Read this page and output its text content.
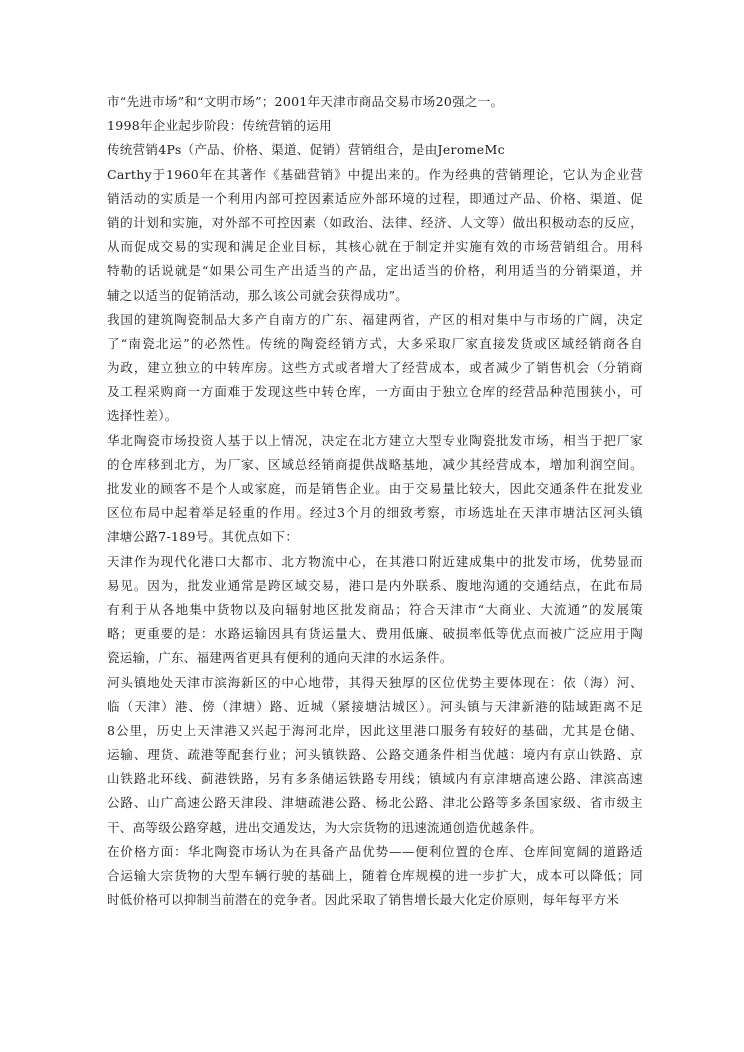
市“先进市场”和“文明市场”；2001年天津市商品交易市场20强之一。
1998年企业起步阶段：传统营销的运用
传统营销4Ps（产品、价格、渠道、促销）营销组合，是由JeromeMc
Carthy于1960年在其著作《基础营销》中提出来的。作为经典的营销理论，它认为企业营
销活动的实质是一个利用内部可控因素适应外部环境的过程，即通过产品、价格、渠道、促
销的计划和实施，对外部不可控因素（如政治、法律、经济、人文等）做出积极动态的反应，
从而促成交易的实现和满足企业目标，其核心就在于制定并实施有效的市场营销组合。用科
特勒的话说就是“如果公司生产出适当的产品，定出适当的价格，利用适当的分销渠道，并
辅之以适当的促销活动，那么该公司就会获得成功”。
我国的建筑陶瓷制品大多产自南方的广东、福建两省，产区的相对集中与市场的广阔，决定
了“南瓷北运”的必然性。传统的陶瓷经销方式，大多采取厂家直接发货或区域经销商各自
为政，建立独立的中转库房。这些方式或者增大了经营成本，或者减少了销售机会（分销商
及工程采购商一方面难于发现这些中转仓库，一方面由于独立仓库的经营品种范围狭小，可
选择性差）。
华北陶瓷市场投资人基于以上情况，决定在北方建立大型专业陶瓷批发市场，相当于把厂家
的仓库移到北方，为厂家、区域总经销商提供战略基地，减少其经营成本，增加利润空间。
批发业的顾客不是个人或家庭，而是销售企业。由于交易量比较大，因此交通条件在批发业
区位布局中起着举足轻重的作用。经过3个月的细致考察，市场选址在天津市塘沽区河头镇
津塘公路7-189号。其优点如下：
天津作为现代化港口大都市、北方物流中心，在其港口附近建成集中的批发市场，优势显而
易见。因为，批发业通常是跨区域交易，港口是内外联系、腹地沟通的交通结点，在此布局
有利于从各地集中货物以及向辐射地区批发商品；符合天津市“大商业、大流通”的发展策
略；更重要的是：水路运输因具有货运量大、费用低廉、破损率低等优点而被广泛应用于陶
瓷运输，广东、福建两省更具有便利的通向天津的水运条件。
河头镇地处天津市滨海新区的中心地带，其得天独厚的区位优势主要体现在：依（海）河、
临（天津）港、傍（津塘）路、近城（紧接塘沽城区）。河头镇与天津新港的陆域距离不足
8公里，历史上天津港又兴起于海河北岸，因此这里港口服务有较好的基础，尤其是仓储、
运输、理货、疏港等配套行业；河头镇铁路、公路交通条件相当优越：境内有京山铁路、京
山铁路北环线、蓟港铁路，另有多条储运铁路专用线；镇域内有京津塘高速公路、津滨高速
公路、山广高速公路天津段、津塘疏港公路、杨北公路、津北公路等多条国家级、省市级主
干、高等级公路穿越，进出交通发达，为大宗货物的迅速流通创造优越条件。
在价格方面：华北陶瓷市场认为在具备产品优势——便利位置的仓库、仓库间宽阔的道路适
合运输大宗货物的大型车辆行驶的基础上，随着仓库规模的进一步扩大，成本可以降低；同
时低价格可以抑制当前潜在的竞争者。因此采取了销售增长最大化定价原则，每年每平方米
